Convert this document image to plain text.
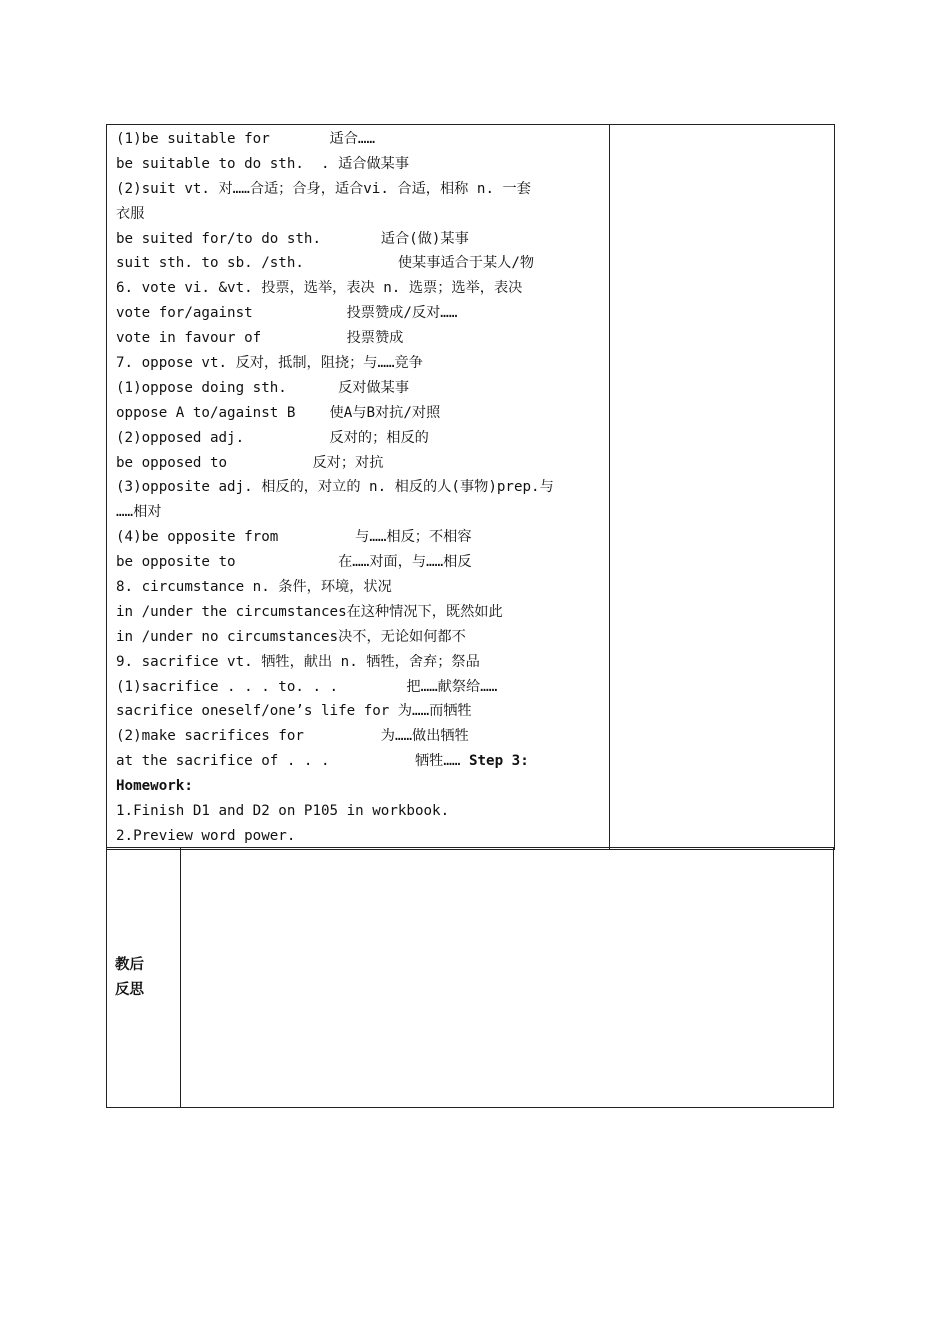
(1)be suitable for       适合……
be suitable to do sth.  . 适合做某事
(2)suit vt. 对……合适；合身，适合vi. 合适，相称 n. 一套
衣服
be suited for/to do sth.       适合(做)某事
suit sth. to sb. /sth.           使某事适合于某人/物
6. vote vi. &vt. 投票，选举，表决 n. 选票；选举，表决
vote for/against           投票赞成/反对……
vote in favour of          投票赞成
7. oppose vt. 反对，抵制，阻挠；与……竞争
(1)oppose doing sth.      反对做某事
oppose A to/against B    使A与B对抗/对照
(2)opposed adj.          反对的；相反的
be opposed to          反对；对抗
(3)opposite adj. 相反的，对立的 n. 相反的人(事物)prep.与
……相对
(4)be opposite from         与……相反；不相容
be opposite to            在……对面，与……相反
8. circumstance n. 条件，环境，状况
in /under the circumstances在这种情况下，既然如此
in /under no circumstances决不，无论如何都不
9. sacrifice vt. 牺牲，献出 n. 牺牲，舍弃；祭品
(1)sacrifice . . . to. . .        把……献祭给……
sacrifice oneself/one’s life for 为……而牺牲
(2)make sacrifices for         为……做出牺牲
at the sacrifice of . . .          牺牲…… Step 3:
Homework:
1.Finish D1 and D2 on P105 in workbook.
2.Preview word power.

教后
反思
